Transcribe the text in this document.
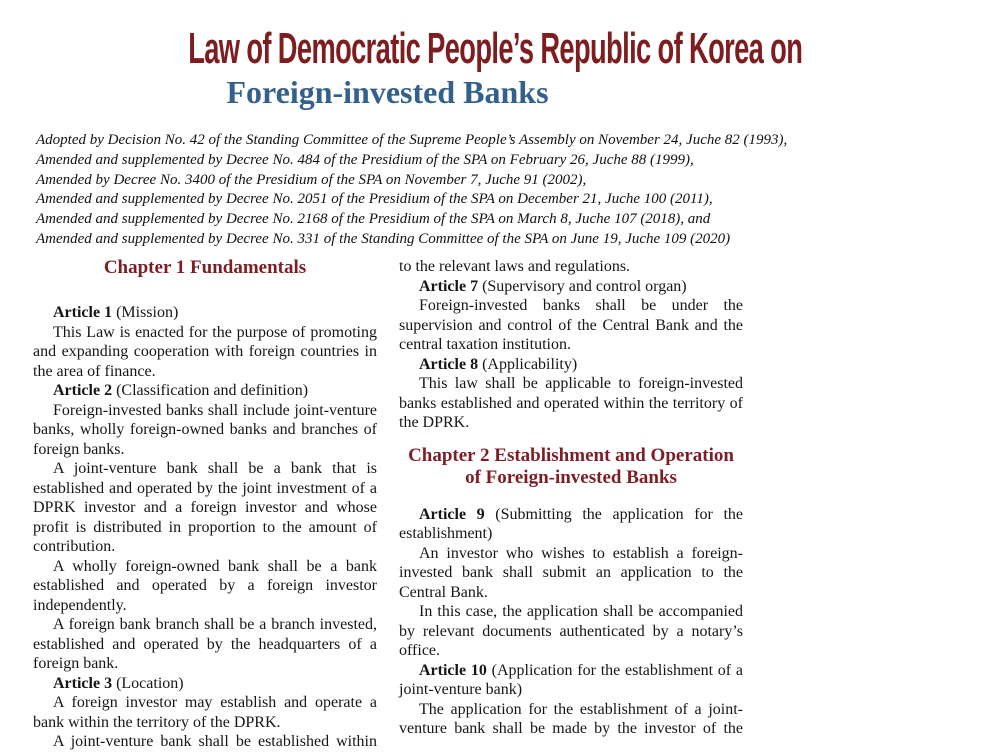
Law of Democratic People’s Republic of Korea on
Foreign-invested Banks
Adopted by Decision No. 42 of the Standing Committee of the Supreme People’s Assembly on November 24, Juche 82 (1993),
Amended and supplemented by Decree No. 484 of the Presidium of the SPA on February 26, Juche 88 (1999),
Amended by Decree No. 3400 of the Presidium of the SPA on November 7, Juche 91 (2002),
Amended and supplemented by Decree No. 2051 of the Presidium of the SPA on December 21, Juche 100 (2011),
Amended and supplemented by Decree No. 2168 of the Presidium of the SPA on March 8, Juche 107 (2018), and
Amended and supplemented by Decree No. 331 of the Standing Committee of the SPA on June 19, Juche 109 (2020)
Chapter 1 Fundamentals

Article 1 (Mission)

This Law is enacted for the purpose of promoting and expanding cooperation with foreign countries in the area of finance.

Article 2 (Classification and definition)

Foreign-invested banks shall include joint-venture banks, wholly foreign-owned banks and branches of foreign banks.

A joint-venture bank shall be a bank that is established and operated by the joint investment of a DPRK investor and a foreign investor and whose profit is distributed in proportion to the amount of contribution.

A wholly foreign-owned bank shall be a bank established and operated by a foreign investor independently.

A foreign bank branch shall be a branch invested, established and operated by the headquarters of a foreign bank.

Article 3 (Location)

A foreign investor may establish and operate a bank within the territory of the DPRK.

A joint-venture bank shall be established within

to the relevant laws and regulations.

Article 7 (Supervisory and control organ)

Foreign-invested banks shall be under the supervision and control of the Central Bank and the central taxation institution.

Article 8 (Applicability)

This law shall be applicable to foreign-invested banks established and operated within the territory of the DPRK.

Chapter 2 Establishment and Operation
of Foreign-invested Banks

Article 9 (Submitting the application for the establishment)

An investor who wishes to establish a foreign-invested bank shall submit an application to the Central Bank.

In this case, the application shall be accompanied by relevant documents authenticated by a notary’s office.

Article 10 (Application for the establishment of a joint-venture bank)

The application for the establishment of a joint-venture bank shall be made by the investor of the
